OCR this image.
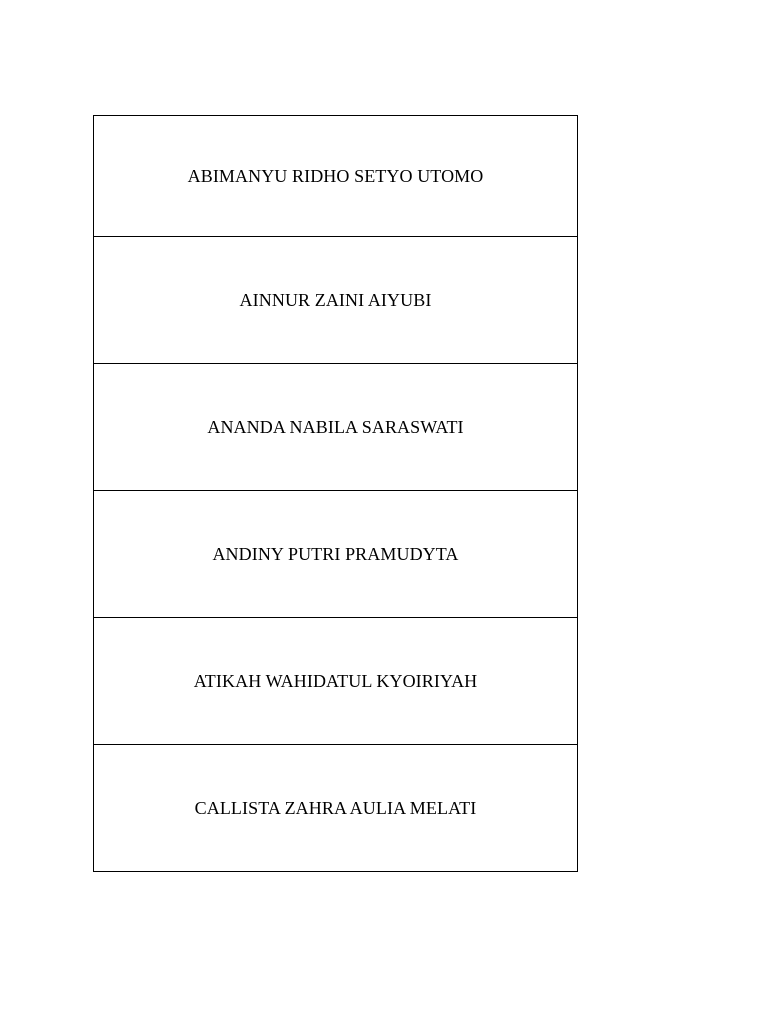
ABIMANYU RIDHO SETYO UTOMO
AINNUR ZAINI AIYUBI
ANANDA NABILA SARASWATI
ANDINY PUTRI PRAMUDYTA
ATIKAH WAHIDATUL KYOIRIYAH
CALLISTA ZAHRA AULIA MELATI
